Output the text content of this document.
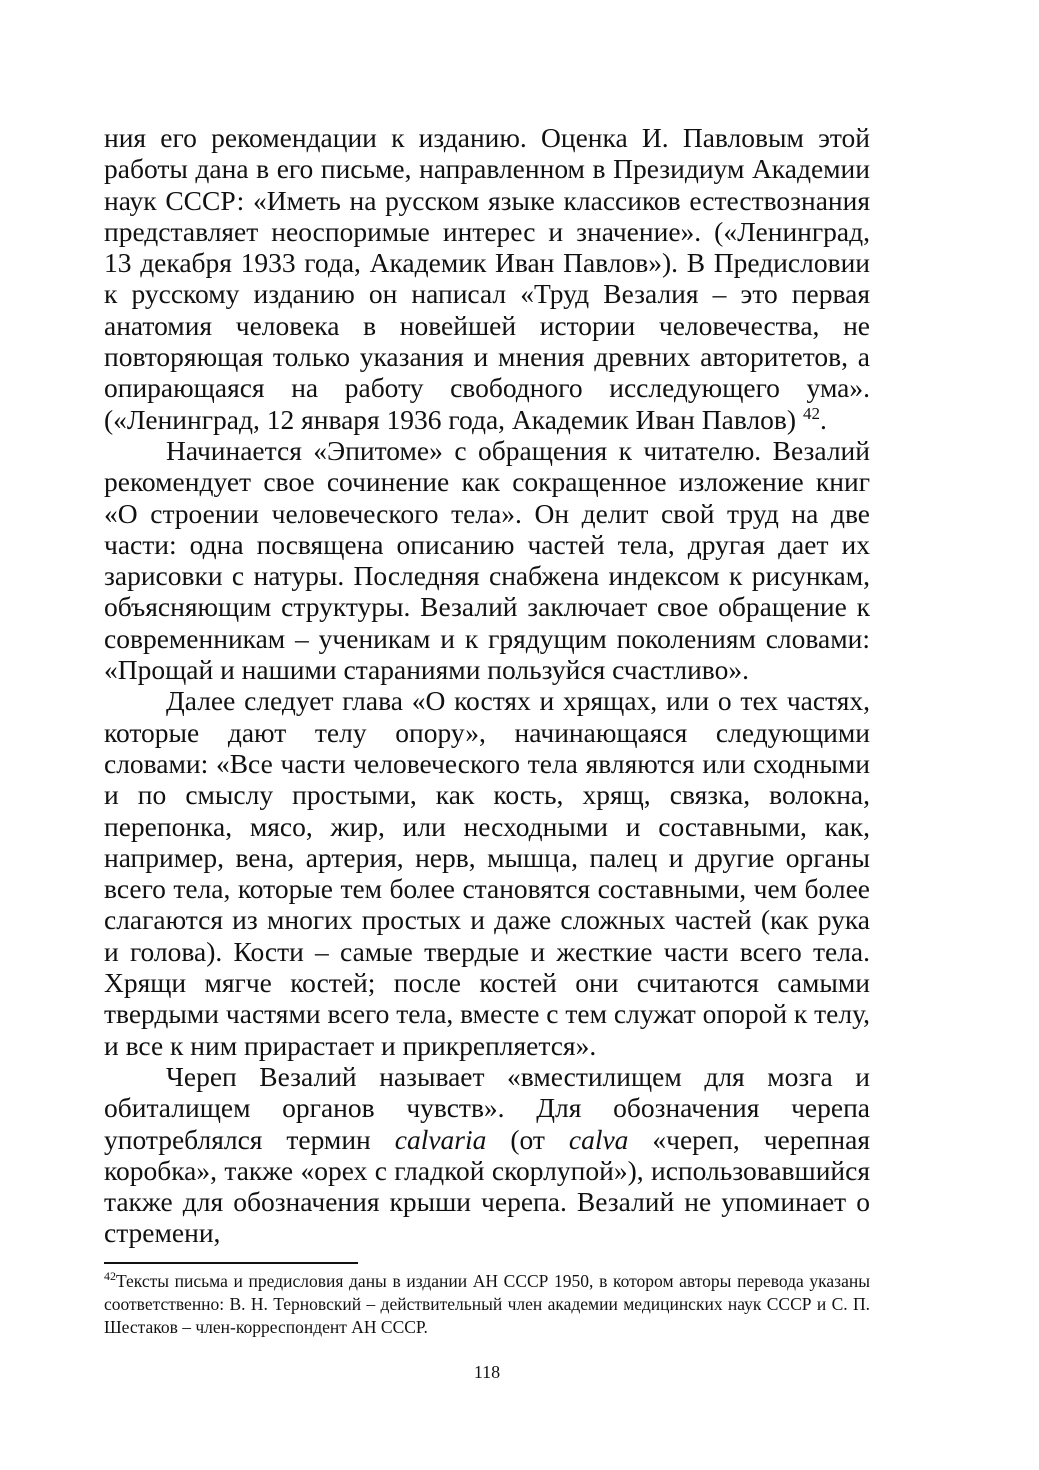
ния его рекомендации к изданию. Оценка И. Павловым этой работы дана в его письме, направленном в Президиум Академии наук СССР: «Иметь на русском языке классиков естествознания представляет неоспоримые интерес и значение». («Ленинград, 13 декабря 1933 года, Академик Иван Павлов»). В Предисловии к русскому изданию он написал «Труд Везалия – это первая анатомия человека в новейшей истории человечества, не повторяющая только указания и мнения древних авторитетов, а опирающаяся на работу свободного исследующего ума». («Ленинград, 12 января 1936 года, Академик Иван Павлов) $^{42}$.

Начинается «Эпитоме» с обращения к читателю. Везалий рекомендует свое сочинение как сокращенное изложение книг «О строении человеческого тела». Он делит свой труд на две части: одна посвящена описанию частей тела, другая дает их зарисовки с натуры. Последняя снабжена индексом к рисункам, объясняющим структуры. Везалий заключает свое обращение к современникам – ученикам и к грядущим поколениям словами: «Прощай и нашими стараниями пользуйся счастливо».

Далее следует глава «О костях и хрящах, или о тех частях, которые дают телу опору», начинающаяся следующими словами: «Все части человеческого тела являются или сходными и по смыслу простыми, как кость, хрящ, связка, волокна, перепонка, мясо, жир, или несходными и составными, как, например, вена, артерия, нерв, мышца, палец и другие органы всего тела, которые тем более становятся составными, чем более слагаются из многих простых и даже сложных частей (как рука и голова). Кости – самые твердые и жесткие части всего тела. Хрящи мягче костей; после костей они считаются самыми твердыми частями всего тела, вместе с тем служат опорой к телу, и все к ним прирастает и прикрепляется».

Череп Везалий называет «вместилищем для мозга и обиталищем органов чувств». Для обозначения черепа употреблялся термин calvaria (от calva «череп, черепная коробка», также «орех с гладкой скорлупой»), использовавшийся также для обозначения крыши черепа. Везалий не упоминает о стремени,

$^{42}$Тексты письма и предисловия даны в издании АН СССР 1950, в котором авторы перевода указаны соответственно: В. Н. Терновский – действительный член академии медицинских наук СССР и С. П. Шестаков – член-корреспондент АН СССР.

118
